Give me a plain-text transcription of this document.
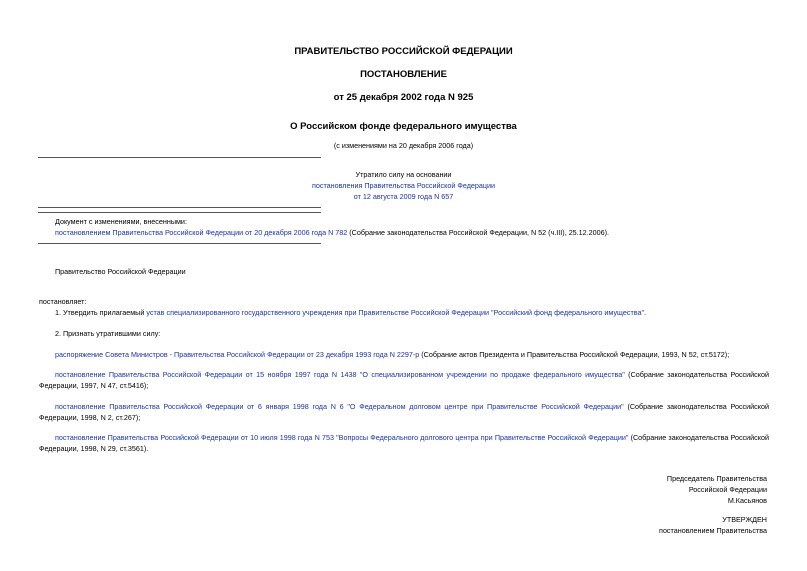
ПРАВИТЕЛЬСТВО РОССИЙСКОЙ ФЕДЕРАЦИИ
ПОСТАНОВЛЕНИЕ
от 25 декабря 2002 года N 925
О Российском фонде федерального имущества
(с изменениями на 20 декабря 2006 года)
Утратило силу на основании
постановления Правительства Российской Федерации
от 12 августа 2009 года N 657
Документ с изменениями, внесенными:
постановлением Правительства Российской Федерации от 20 декабря 2006 года N 782 (Собрание законодательства Российской Федерации, N 52 (ч.III), 25.12.2006).
Правительство Российской Федерации
постановляет:
1. Утвердить прилагаемый устав специализированного государственного учреждения при Правительстве Российской Федерации "Российский фонд федерального имущества".
2. Признать утратившими силу:
распоряжение Совета Министров - Правительства Российской Федерации от 23 декабря 1993 года N 2297-р (Собрание актов Президента и Правительства Российской Федерации, 1993, N 52, ст.5172);
постановление Правительства Российской Федерации от 15 ноября 1997 года N 1438 "О специализированном учреждении по продаже федерального имущества" (Собрание законодательства Российской Федерации, 1997, N 47, ст.5416);
постановление Правительства Российской Федерации от 6 января 1998 года N 6 "О Федеральном долговом центре при Правительстве Российской Федерации" (Собрание законодательства Российской Федерации, 1998, N 2, ст.267);
постановление Правительства Российской Федерации от 10 июля 1998 года N 753 "Вопросы Федерального долгового центра при Правительстве Российской Федерации" (Собрание законодательства Российской Федерации, 1998, N 29, ст.3561).
Председатель Правительства
Российской Федерации
М.Касьянов
УТВЕРЖДЕН
постановлением Правительства
